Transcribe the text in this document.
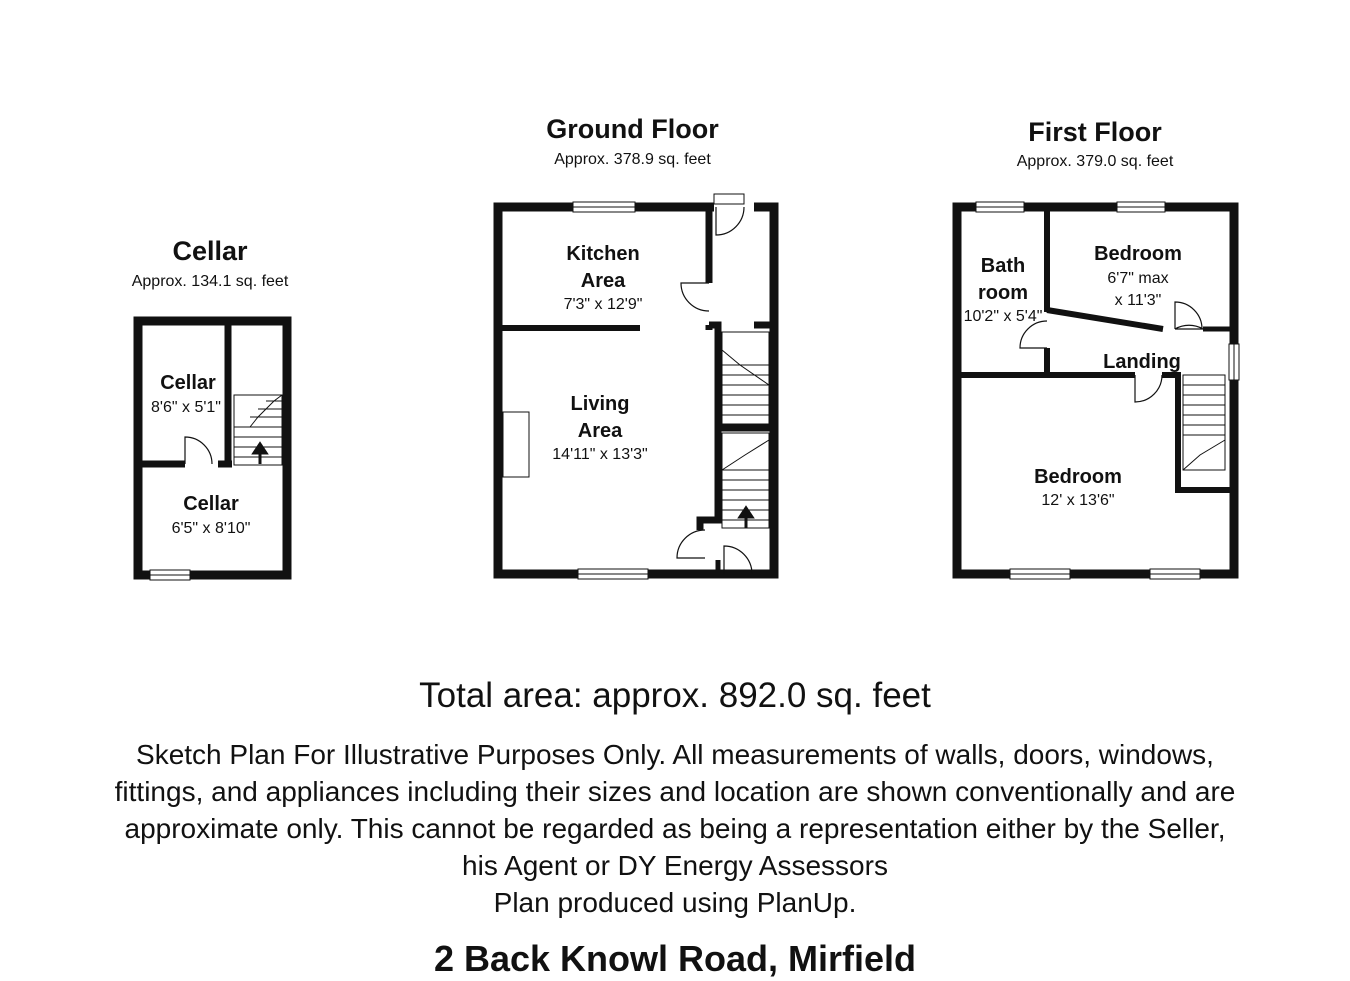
Cellar
Approx. 134.1 sq. feet
Ground Floor
Approx. 378.9 sq. feet
First Floor
Approx. 379.0 sq. feet
Cellar
8'6" x 5'1"
Cellar
6'5" x 8'10"
Kitchen
Area
7'3" x 12'9"
Living
Area
14'11" x 13'3"
Bath
room
10'2" x 5'4"
Bedroom
6'7" max
x 11'3"
Landing
Bedroom
12' x 13'6"
Total area: approx. 892.0 sq. feet
Sketch Plan For Illustrative Purposes Only. All measurements of walls, doors, windows,
fittings, and appliances including their sizes and location are shown conventionally and are
approximate only. This cannot be regarded as being a representation either by the Seller,
his Agent or DY Energy Assessors
Plan produced using PlanUp.
2 Back Knowl Road, Mirfield
